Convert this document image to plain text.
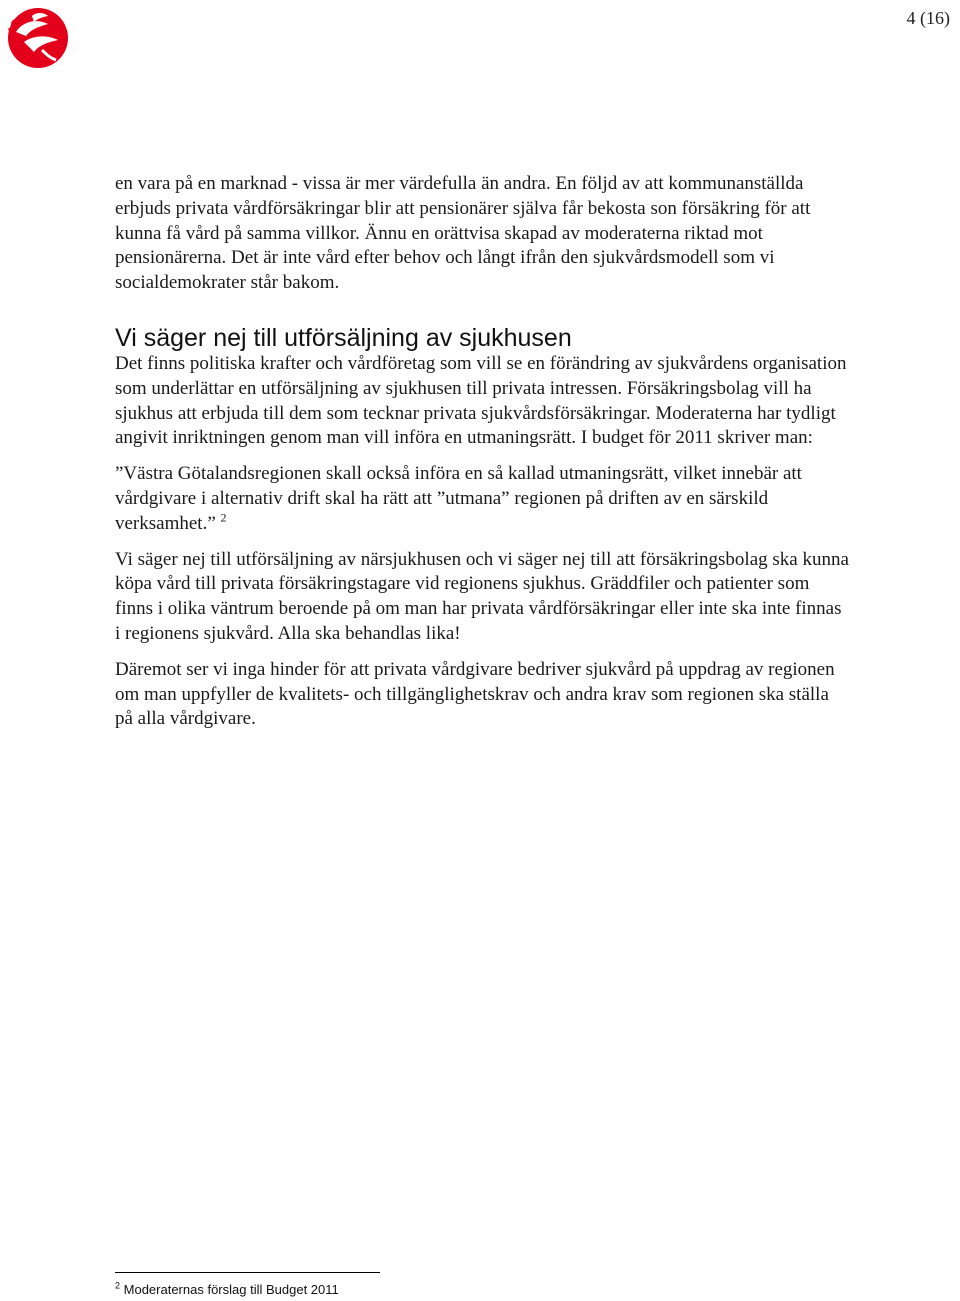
4 (16)

en vara på en marknad - vissa är mer värdefulla än andra. En följd av att kommunanställda erbjuds privata vårdförsäkringar blir att pensionärer själva får bekosta son försäkring för att kunna få vård på samma villkor. Ännu en orättvisa skapad av moderaterna riktad mot pensionärerna. Det är inte vård efter behov och långt ifrån den sjukvårdsmodell som vi socialdemokrater står bakom.

Vi säger nej till utförsäljning av sjukhusen

Det finns politiska krafter och vårdföretag som vill se en förändring av sjukvårdens organisation som underlättar en utförsäljning av sjukhusen till privata intressen. Försäkringsbolag vill ha sjukhus att erbjuda till dem som tecknar privata sjukvårdsförsäkringar. Moderaterna har tydligt angivit inriktningen genom man vill införa en utmaningsrätt. I budget för 2011 skriver man:

”Västra Götalandsregionen skall också införa en så kallad utmaningsrätt, vilket innebär att vårdgivare i alternativ drift skal ha rätt att ”utmana” regionen på driften av en särskild verksamhet.” $^2$

Vi säger nej till utförsäljning av närsjukhusen och vi säger nej till att försäkringsbolag ska kunna köpa vård till privata försäkringstagare vid regionens sjukhus. Gräddfiler och patienter som finns i olika väntrum beroende på om man har privata vårdförsäkringar eller inte ska inte finnas i regionens sjukvård. Alla ska behandlas lika!

Däremot ser vi inga hinder för att privata vårdgivare bedriver sjukvård på uppdrag av regionen om man uppfyller de kvalitets- och tillgänglighetskrav och andra krav som regionen ska ställa på alla vårdgivare.

$^2$ Moderaternas förslag till Budget 2011
